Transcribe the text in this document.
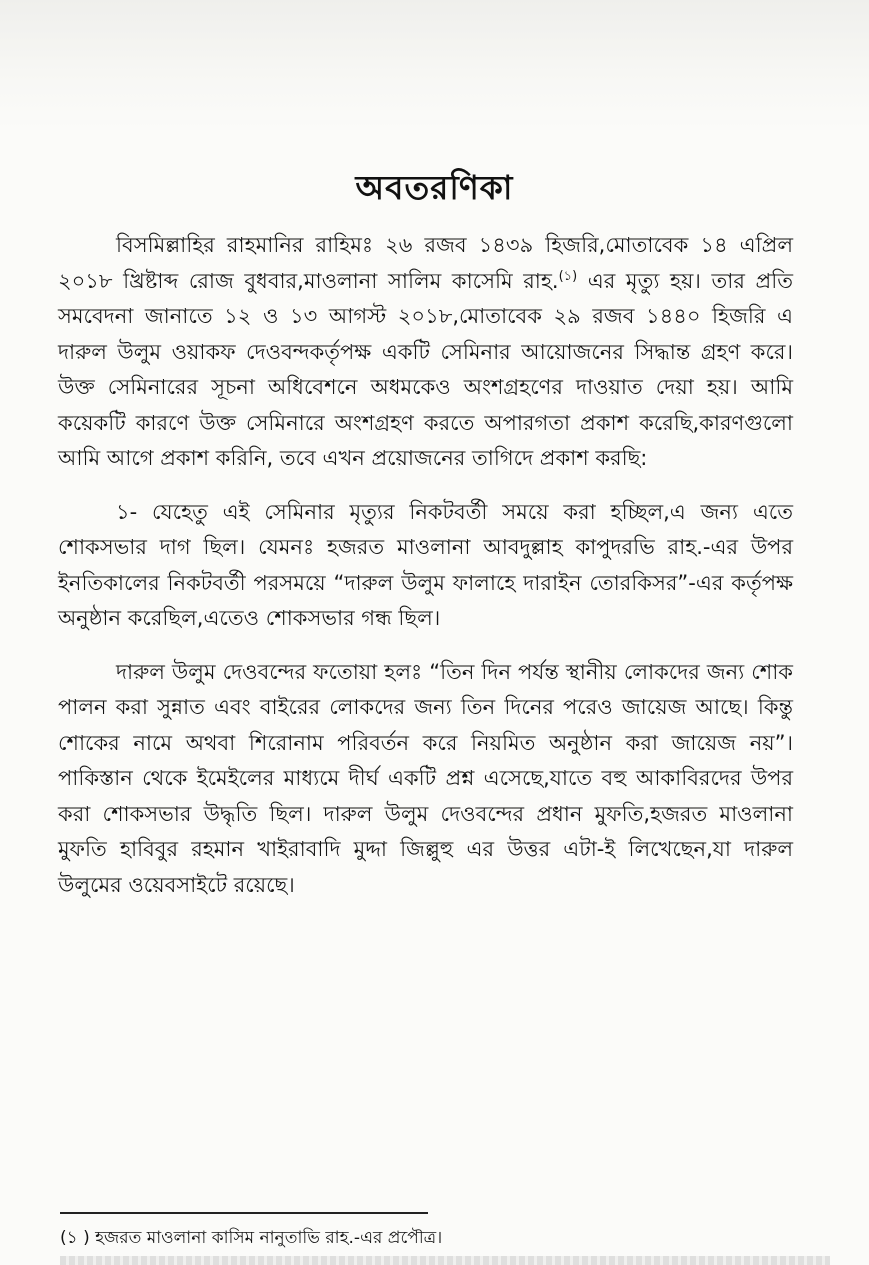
অবতরণিকা

বিসমিল্লাহির রাহমানির রাহিমঃ ২৬ রজব ১৪৩৯ হিজরি,মোতাবেক ১৪ এপ্রিল ২০১৮ খ্রিষ্টাব্দ রোজ বুধবার,মাওলানা সালিম কাসেমি রাহ.$^{(১)}$ এর মৃত্যু হয়। তার প্রতি সমবেদনা জানাতে ১২ ও ১৩ আগস্ট ২০১৮,মোতাবেক ২৯ রজব ১৪৪০ হিজরি এ দারুল উলুম ওয়াকফ দেওবন্দকর্তৃপক্ষ একটি সেমিনার আয়োজনের সিদ্ধান্ত গ্রহণ করে। উক্ত সেমিনারের সূচনা অধিবেশনে অধমকেও অংশগ্রহণের দাওয়াত দেয়া হয়। আমি কয়েকটি কারণে উক্ত সেমিনারে অংশগ্রহণ করতে অপারগতা প্রকাশ করেছি,কারণগুলো আমি আগে প্রকাশ করিনি, তবে এখন প্রয়োজনের তাগিদে প্রকাশ করছি:

১- যেহেতু এই সেমিনার মৃত্যুর নিকটবর্তী সময়ে করা হচ্ছিল,এ জন্য এতে শোকসভার দাগ ছিল। যেমনঃ হজরত মাওলানা আবদুল্লাহ কাপুদরভি রাহ.-এর উপর ইনতিকালের নিকটবর্তী পরসময়ে “দারুল উলুম ফালাহে দারাইন তোরকিসর”-এর কর্তৃপক্ষ অনুষ্ঠান করেছিল,এতেও শোকসভার গন্ধ ছিল।

দারুল উলুম দেওবন্দের ফতোয়া হলঃ “তিন দিন পর্যন্ত স্থানীয় লোকদের জন্য শোক পালন করা সুন্নাত এবং বাইরের লোকদের জন্য তিন দিনের পরেও জায়েজ আছে। কিন্তু শোকের নামে অথবা শিরোনাম পরিবর্তন করে নিয়মিত অনুষ্ঠান করা জায়েজ নয়”। পাকিস্তান থেকে ইমেইলের মাধ্যমে দীর্ঘ একটি প্রশ্ন এসেছে,যাতে বহু আকাবিরদের উপর করা শোকসভার উদ্ধৃতি ছিল। দারুল উলুম দেওবন্দের প্রধান মুফতি,হজরত মাওলানা মুফতি হাবিবুর রহমান খাইরাবাদি মুদ্দা জিল্লুহু এর উত্তর এটা-ই লিখেছেন,যা দারুল উলুমের ওয়েবসাইটে রয়েছে।

(১ ) হজরত মাওলানা কাসিম নানুতাভি রাহ.-এর প্রপৌত্র।
